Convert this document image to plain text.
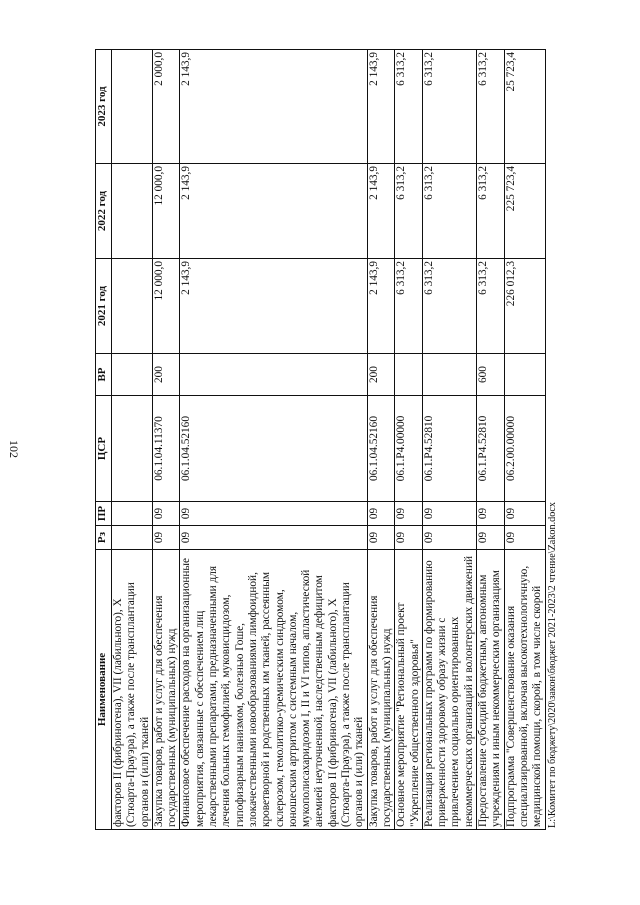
102
Наименование	Рз	ПР	ЦСР	ВР	2021 год	2022 год	2023 год
факторов II (фибриногена), VII (лабильного), X (Стюарта-Прауэра), а также после трансплантации органов и (или) тканей							
Закупка товаров, работ и услуг для обеспечения государственных (муниципальных) нужд	09	09	06.1.04.11370	200	12 000,0	12 000,0	2 000,0
Финансовое обеспечение расходов на организационные мероприятия, связанные с обеспечением лиц лекарственными препаратами, предназначенными для лечения больных гемофилией, муковисцидозом, гипофизарным нанизмом, болезнью Гоше, злокачественными новообразованиями лимфоидной, кроветворной и родственных им тканей, рассеянным склерозом, гемолитико-уремическим синдромом, юношеским артритом с системным началом, мукополисахаридозом I, II и VI типов, апластической анемией неуточненной, наследственным дефицитом факторов II (фибриногена), VII (лабильного), X (Стюарта-Прауэра), а также после трансплантации органов и (или) тканей	09	09	06.1.04.52160		2 143,9	2 143,9	2 143,9
Закупка товаров, работ и услуг для обеспечения государственных (муниципальных) нужд	09	09	06.1.04.52160	200	2 143,9	2 143,9	2 143,9
Основное мероприятие "Региональный проект "Укрепление общественного здоровья"	09	09	06.1.P4.00000		6 313,2	6 313,2	6 313,2
Реализация региональных программ по формированию приверженности здоровому образу жизни с привлечением социально ориентированных некоммерческих организаций и волонтерских движений	09	09	06.1.P4.52810		6 313,2	6 313,2	6 313,2
Предоставление субсидий бюджетным, автономным учреждениям и иным некоммерческим организациям	09	09	06.1.P4.52810	600	6 313,2	6 313,2	6 313,2
Подпрограмма "Совершенствование оказания специализированной, включая высокотехнологичную, медицинской помощи, скорой, в том числе скорой	09	09	06.2.00.00000		226 012,3	225 723,4	25 723,4
L:\Комитет по бюджету\2020\закон\бюджет 2021-2023\2 чтение\Zakon.docx
